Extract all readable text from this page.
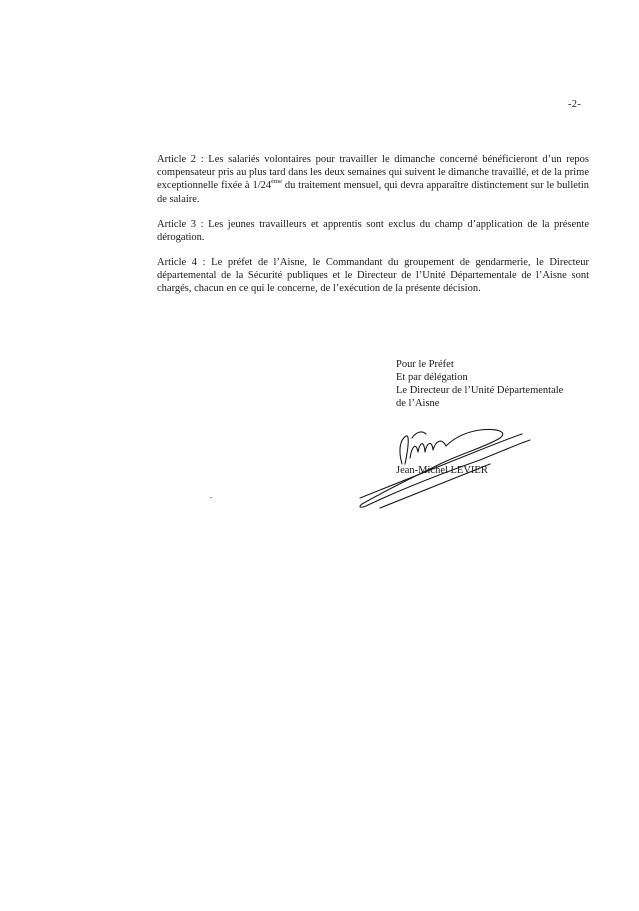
-2-

Article 2 : Les salariés volontaires pour travailler le dimanche concerné bénéficieront d’un repos compensateur pris au plus tard dans les deux semaines qui suivent le dimanche travaillé, et de la prime exceptionnelle fixée à 1/24ème du traitement mensuel, qui devra apparaître distinctement sur le bulletin de salaire.

Article 3 : Les jeunes travailleurs et apprentis sont exclus du champ d’application de la présente dérogation.

Article 4 : Le préfet de l’Aisne, le Commandant du groupement de gendarmerie, le Directeur départemental de la Sécurité publiques et le Directeur de l’Unité Départementale de l’Aisne sont chargés, chacun en ce qui le concerne, de l’exécution de la présente décision.

Pour le Préfet
Et par délégation
Le Directeur de l’Unité Départementale
de l’Aisne
Jean-Michel LEVIER
